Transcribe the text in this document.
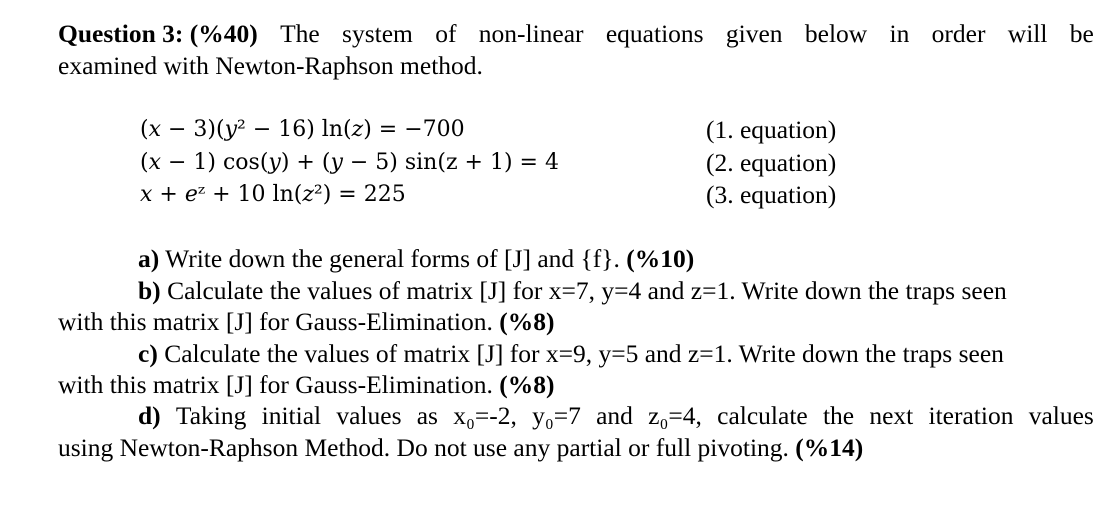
Question 3: (%40) The system of non-linear equations given below in order will be
examined with Newton-Raphson method.
(𝑥 − 3)(𝑦² − 16) ln(𝑧) = −700
(𝑥 − 1) cos(𝑦) + (𝑦 − 5) sin(z + 1) = 4
𝑥 + 𝑒ᶻ + 10 ln(𝑧²) = 225
(1. equation)
(2. equation)
(3. equation)
a) Write down the general forms of [J] and {f}. (%10)
b) Calculate the values of matrix [J] for x=7, y=4 and z=1. Write down the traps seen
with this matrix [J] for Gauss-Elimination. (%8)
c) Calculate the values of matrix [J] for x=9, y=5 and z=1. Write down the traps seen
with this matrix [J] for Gauss-Elimination. (%8)
d) Taking initial values as x₀=-2, y₀=7 and z₀=4, calculate the next iteration values
using Newton-Raphson Method. Do not use any partial or full pivoting. (%14)
